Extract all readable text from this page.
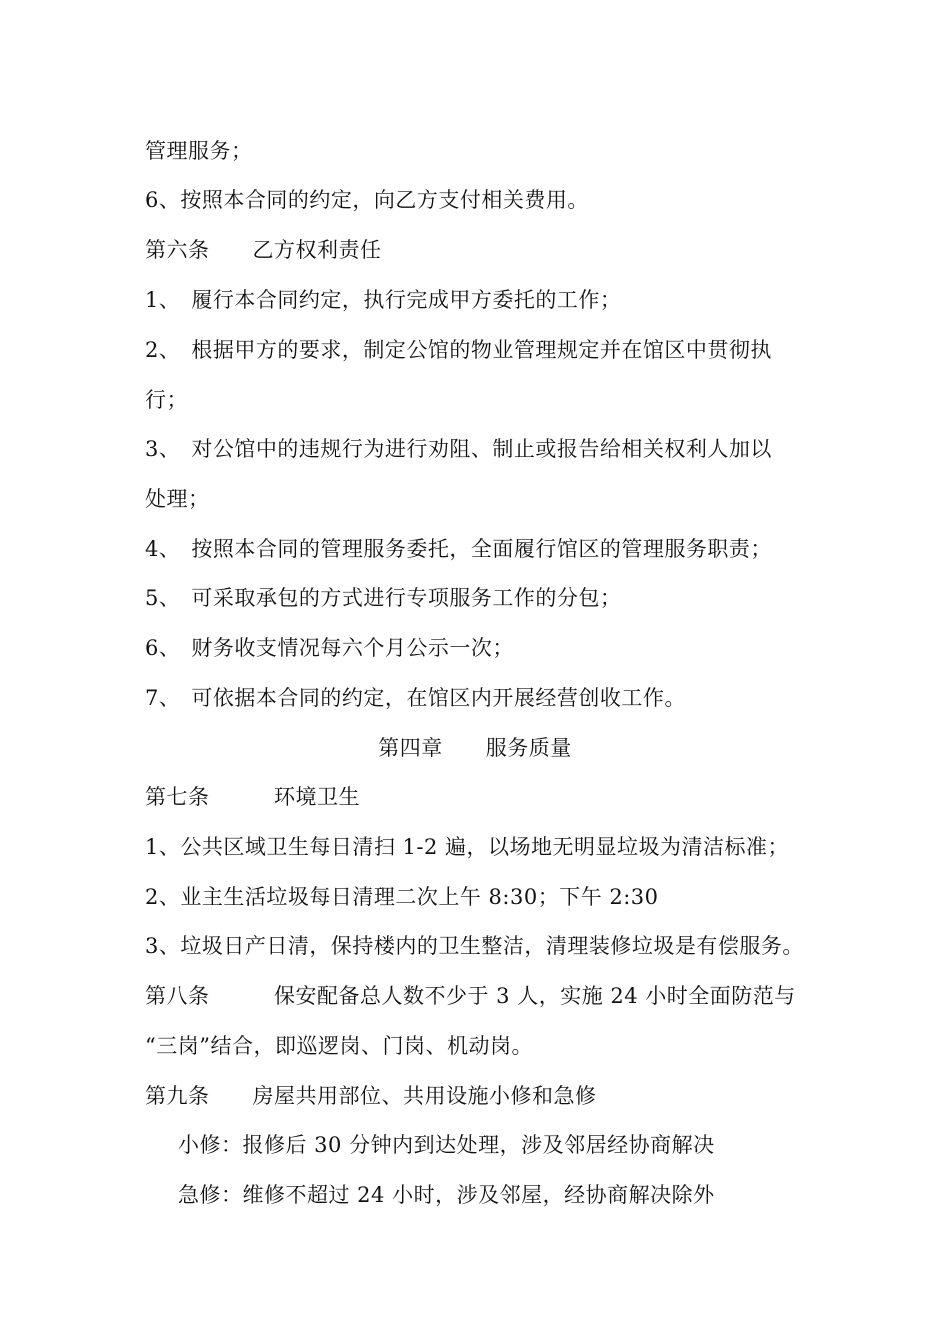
管理服务；
6、按照本合同的约定，向乙方支付相关费用。
第六条　　乙方权利责任
1、　履行本合同约定，执行完成甲方委托的工作；
2、　根据甲方的要求，制定公馆的物业管理规定并在馆区中贯彻执
行；
3、　对公馆中的违规行为进行劝阻、制止或报告给相关权利人加以
处理；
4、　按照本合同的管理服务委托，全面履行馆区的管理服务职责；
5、　可采取承包的方式进行专项服务工作的分包；
6、　财务收支情况每六个月公示一次；
7、　可依据本合同的约定，在馆区内开展经营创收工作。
第四章　　服务质量
第七条　　　环境卫生
1、公共区域卫生每日清扫 1-2 遍，以场地无明显垃圾为清洁标准；
2、业主生活垃圾每日清理二次上午 8:30；下午 2:30
3、垃圾日产日清，保持楼内的卫生整洁，清理装修垃圾是有偿服务。
第八条　　　保安配备总人数不少于 3 人，实施 24 小时全面防范与
“三岗”结合，即巡逻岗、门岗、机动岗。
第九条　　房屋共用部位、共用设施小修和急修
小修：报修后 30 分钟内到达处理，涉及邻居经协商解决
急修：维修不超过 24 小时，涉及邻屋，经协商解决除外
